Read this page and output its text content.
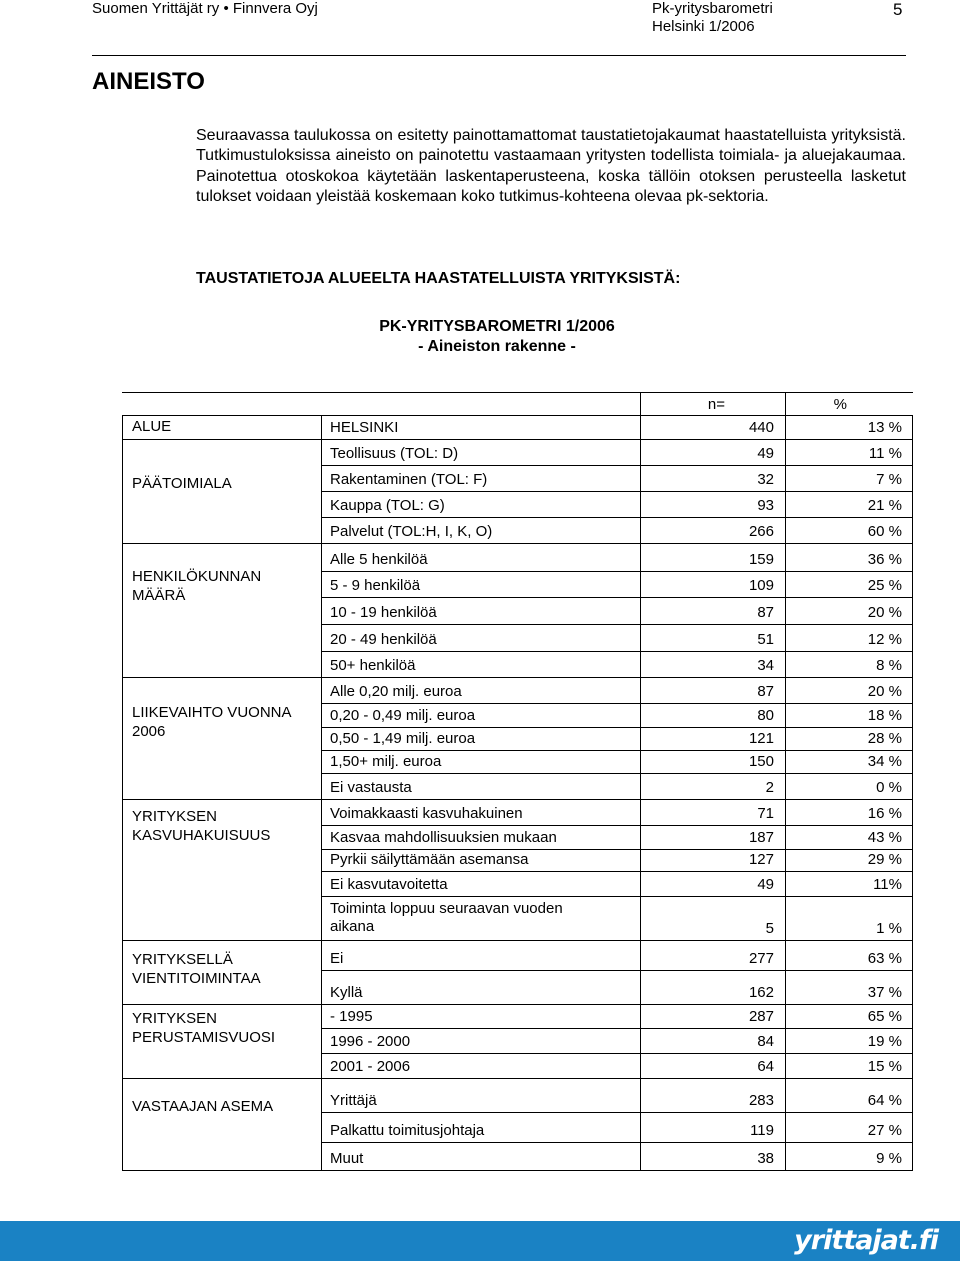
Suomen Yrittäjät ry • Finnvera Oyj	Pk-yritysbarometri
Helsinki 1/2006
5
AINEISTO

Seuraavassa taulukossa on esitetty painottamattomat taustatietojakaumat haastatelluista yrityksistä. Tutkimustuloksissa aineisto on painotettu vastaamaan yritysten todellista toimiala- ja aluejakaumaa. Painotettua otoskokoa käytetään laskentaperusteena, koska tällöin otoksen perusteella lasketut tulokset voidaan yleistää koskemaan koko tutkimus-kohteena olevaa pk-sektoria.

TAUSTATIETOJA ALUEELTA HAASTATELLUISTA YRITYKSISTÄ:
PK-YRITYSBAROMETRI 1/2006
- Aineiston rakenne -
n=	%
ALUE	HELSINKI	440	13 %
PÄÄTOIMIALA
Teollisuus (TOL: D)	49	11 %
Rakentaminen (TOL: F)	32	7 %
Kauppa (TOL: G)	93	21 %
Palvelut (TOL:H, I, K, O)	266	60 %
HENKILÖKUNNAN MÄÄRÄ
Alle 5 henkilöä	159	36 %
5 - 9 henkilöä	109	25 %
10 - 19 henkilöä	87	20 %
20 - 49 henkilöä	51	12 %
50+ henkilöä	34	8 %
LIIKEVAIHTO VUONNA 2006
Alle 0,20 milj. euroa	87	20 %
0,20 - 0,49 milj. euroa	80	18 %
0,50 - 1,49 milj. euroa	121	28 %
1,50+ milj. euroa	150	34 %
Ei vastausta	2	0 %
YRITYKSEN KASVUHAKUISUUS
Voimakkaasti kasvuhakuinen	71	16 %
Kasvaa mahdollisuuksien mukaan	187	43 %
Pyrkii säilyttämään asemansa	127	29 %
Ei kasvutavoitetta	49	11%
Toiminta loppuu seuraavan vuoden aikana	5	1 %
YRITYKSELLÄ VIENTITOIMINTAA
Ei	277	63 %
Kyllä	162	37 %
YRITYKSEN PERUSTAMISVUOSI
- 1995	287	65 %
1996 - 2000	84	19 %
2001 - 2006	64	15 %
VASTAAJAN ASEMA	Yrittäjä	283	64 %
Palkattu toimitusjohtaja	119	27 %
Muut	38	9 %
yrittajat.fi
